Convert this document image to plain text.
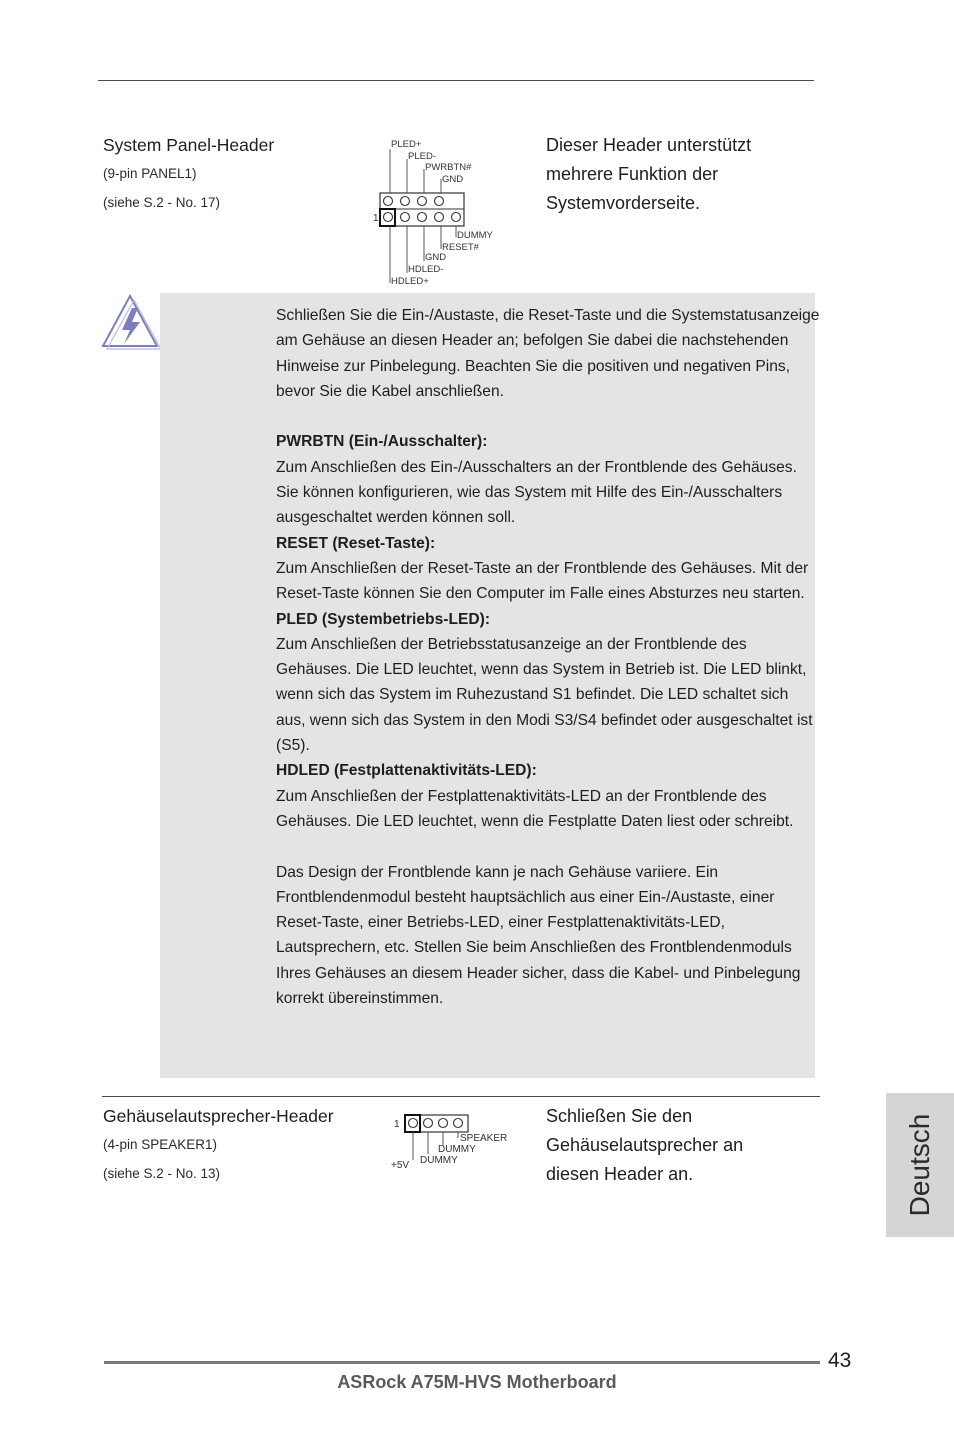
System Panel-Header
(9-pin PANEL1)
(siehe S.2 - No. 17)
PLED+
PLED-
PWRBTN#
GND
DUMMY
RESET#
GND
HDLED-
HDLED+
1
Dieser Header unterstützt
mehrere Funktion der
Systemvorderseite.

Schließen Sie die Ein-/Austaste, die Reset-Taste und die Systemstatusanzeige am Gehäuse an diesen Header an; befolgen Sie dabei die nachstehenden Hinweise zur Pinbelegung. Beachten Sie die positiven und negativen Pins, bevor Sie die Kabel anschließen.

PWRBTN (Ein-/Ausschalter):

Zum Anschließen des Ein-/Ausschalters an der Frontblende des Gehäuses. Sie können konfigurieren, wie das System mit Hilfe des Ein-/Ausschalters ausgeschaltet werden können soll.

RESET (Reset-Taste):

Zum Anschließen der Reset-Taste an der Frontblende des Gehäuses. Mit der Reset-Taste können Sie den Computer im Falle eines Absturzes neu starten.

PLED (Systembetriebs-LED):

Zum Anschließen der Betriebsstatusanzeige an der Frontblende des Gehäuses. Die LED leuchtet, wenn das System in Betrieb ist. Die LED blinkt, wenn sich das System im Ruhezustand S1 befindet. Die LED schaltet sich aus, wenn sich das System in den Modi S3/S4 befindet oder ausgeschaltet ist (S5).

HDLED (Festplattenaktivitäts-LED):

Zum Anschließen der Festplattenaktivitäts-LED an der Frontblende des Gehäuses. Die LED leuchtet, wenn die Festplatte Daten liest oder schreibt.

Das Design der Frontblende kann je nach Gehäuse variiere. Ein Frontblendenmodul besteht hauptsächlich aus einer Ein-/Austaste, einer Reset-Taste, einer Betriebs-LED, einer Festplattenaktivitäts-LED, Lautsprechern, etc. Stellen Sie beim Anschließen des Frontblendenmoduls Ihres Gehäuses an diesem Header sicher, dass die Kabel- und Pinbelegung korrekt übereinstimmen.

Gehäuselautsprecher-Header
(4-pin SPEAKER1)
(siehe S.2 - No. 13)
1
SPEAKER
DUMMY
DUMMY
+5V
Schließen Sie den
Gehäuselautsprecher an
diesen Header an.	Deutsch
43
ASRock A75M-HVS Motherboard
